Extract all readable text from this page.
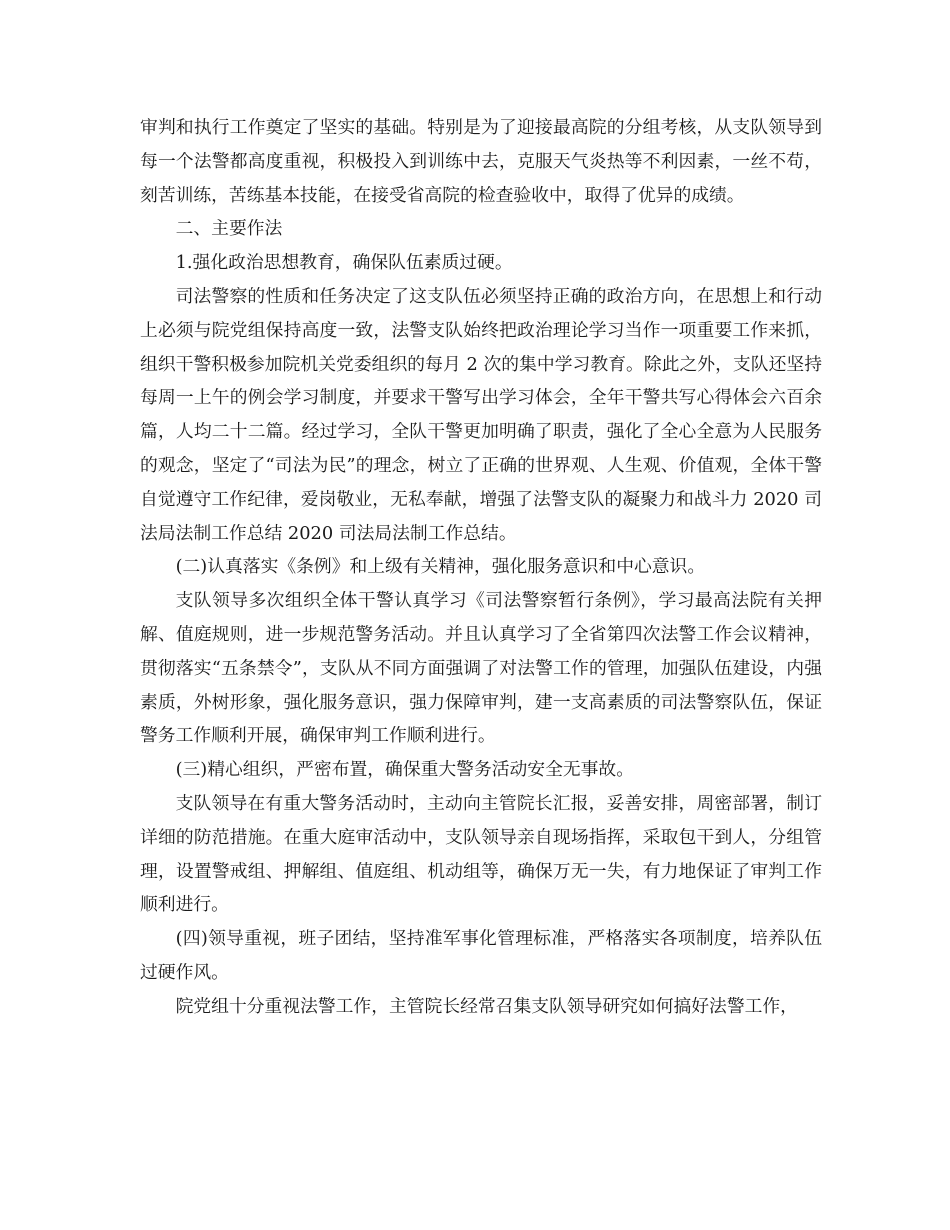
审判和执行工作奠定了坚实的基础。特别是为了迎接最高院的分组考核，从支队领导到每一个法警都高度重视，积极投入到训练中去，克服天气炎热等不利因素，一丝不苟，刻苦训练，苦练基本技能，在接受省高院的检查验收中，取得了优异的成绩。

二、主要作法

1.强化政治思想教育，确保队伍素质过硬。

司法警察的性质和任务决定了这支队伍必须坚持正确的政治方向，在思想上和行动上必须与院党组保持高度一致，法警支队始终把政治理论学习当作一项重要工作来抓，组织干警积极参加院机关党委组织的每月 2 次的集中学习教育。除此之外，支队还坚持每周一上午的例会学习制度，并要求干警写出学习体会，全年干警共写心得体会六百余篇，人均二十二篇。经过学习，全队干警更加明确了职责，强化了全心全意为人民服务的观念，坚定了“司法为民”的理念，树立了正确的世界观、人生观、价值观，全体干警自觉遵守工作纪律，爱岗敬业，无私奉献，增强了法警支队的凝聚力和战斗力 2020 司法局法制工作总结 2020 司法局法制工作总结。

(二)认真落实《条例》和上级有关精神，强化服务意识和中心意识。

支队领导多次组织全体干警认真学习《司法警察暂行条例》，学习最高法院有关押解、值庭规则，进一步规范警务活动。并且认真学习了全省第四次法警工作会议精神，贯彻落实“五条禁令”，支队从不同方面强调了对法警工作的管理，加强队伍建设，内强素质，外树形象，强化服务意识，强力保障审判，建一支高素质的司法警察队伍，保证警务工作顺利开展，确保审判工作顺利进行。

(三)精心组织，严密布置，确保重大警务活动安全无事故。

支队领导在有重大警务活动时，主动向主管院长汇报，妥善安排，周密部署，制订详细的防范措施。在重大庭审活动中，支队领导亲自现场指挥，采取包干到人，分组管理，设置警戒组、押解组、值庭组、机动组等，确保万无一失，有力地保证了审判工作顺利进行。

(四)领导重视，班子团结，坚持准军事化管理标准，严格落实各项制度，培养队伍过硬作风。

院党组十分重视法警工作，主管院长经常召集支队领导研究如何搞好法警工作，
